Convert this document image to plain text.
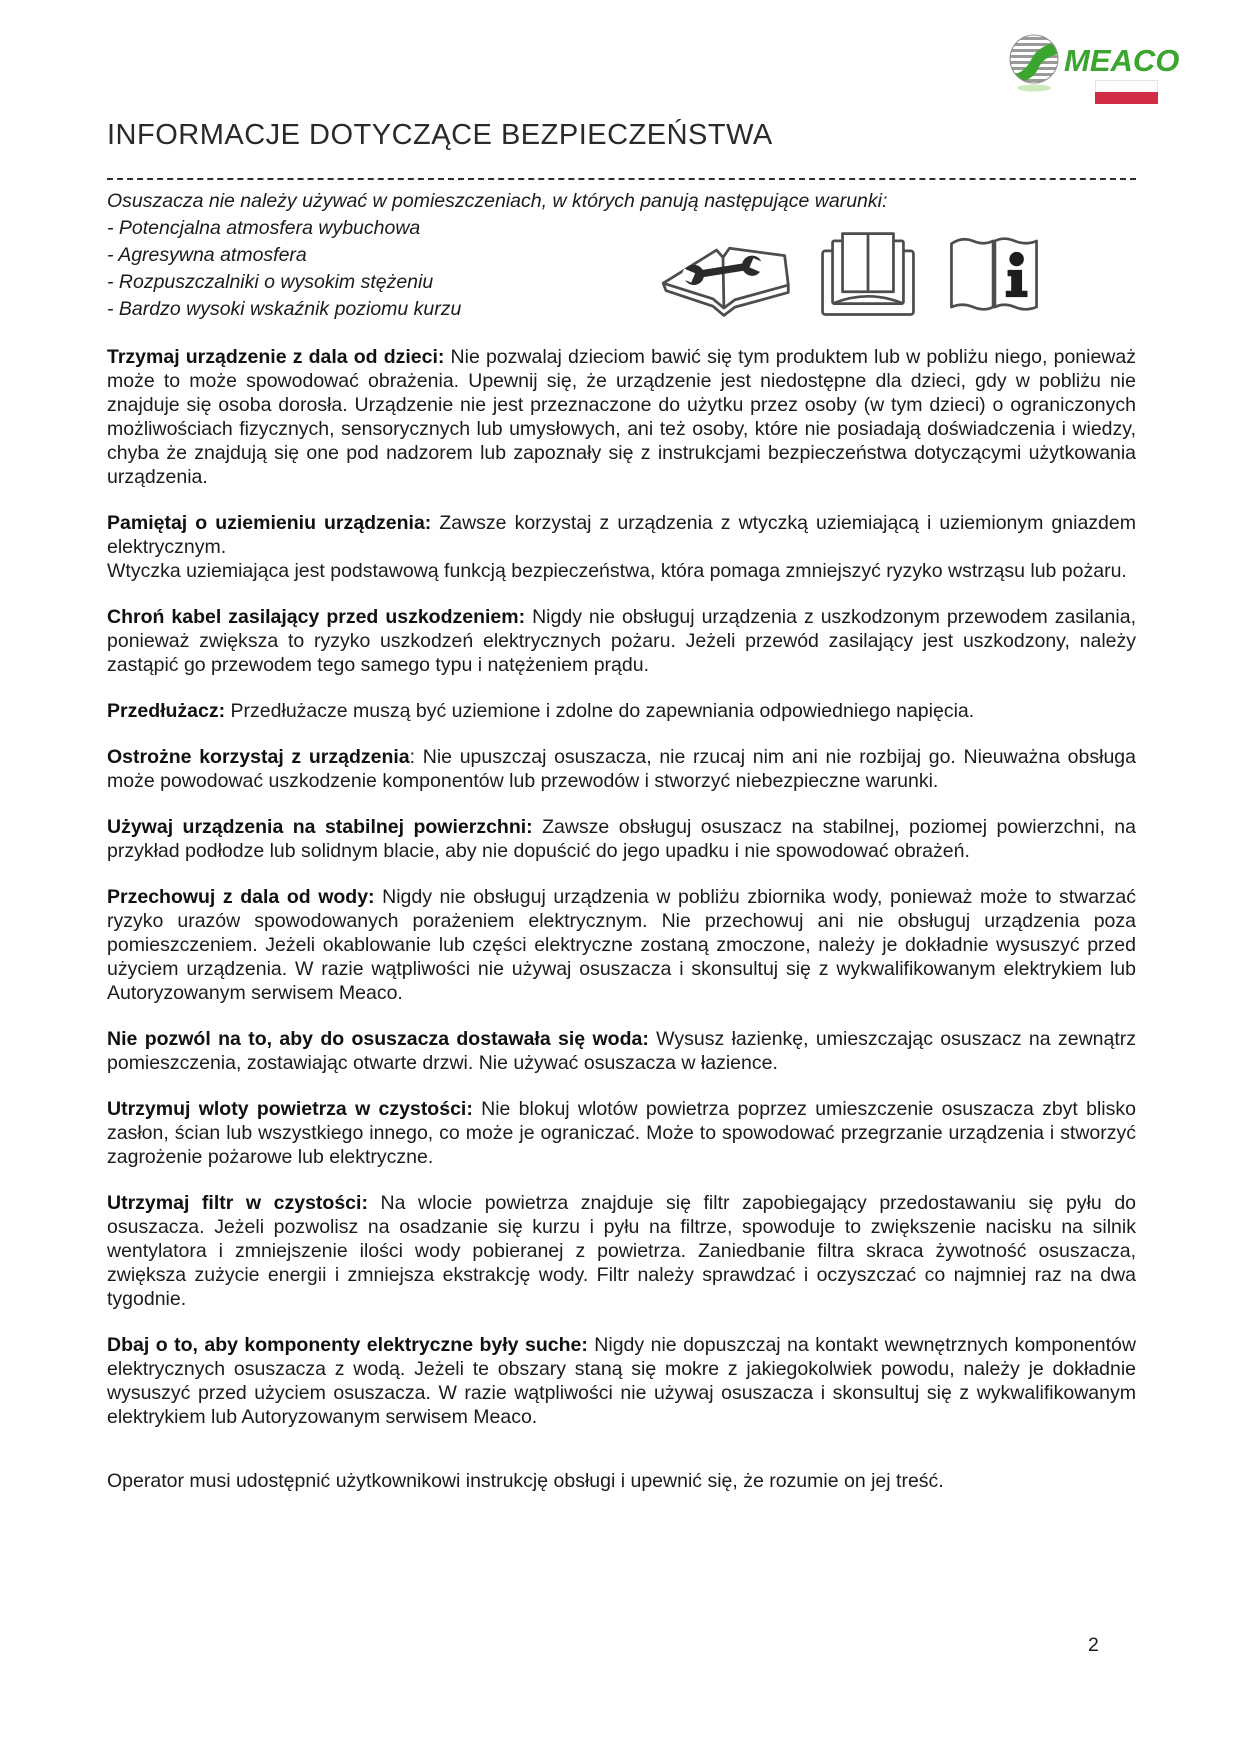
MEACO
INFORMACJE DOTYCZĄCE BEZPIECZEŃSTWA

Osuszacza nie należy używać w pomieszczeniach, w których panują następujące warunki:

- Potencjalna atmosfera wybuchowa

- Agresywna atmosfera

- Rozpuszczalniki o wysokim stężeniu

- Bardzo wysoki wskaźnik poziomu kurzu

Trzymaj urządzenie z dala od dzieci: Nie pozwalaj dzieciom bawić się tym produktem lub w pobliżu niego, ponieważ może to może spowodować obrażenia. Upewnij się, że urządzenie jest niedostępne dla dzieci, gdy w pobliżu nie znajduje się osoba dorosła. Urządzenie nie jest przeznaczone do użytku przez osoby (w tym dzieci) o ograniczonych możliwościach fizycznych, sensorycznych lub umysłowych, ani też osoby, które nie posiadają doświadczenia i wiedzy, chyba że znajdują się one pod nadzorem lub zapoznały się z instrukcjami bezpieczeństwa dotyczącymi użytkowania urządzenia.

Pamiętaj o uziemieniu urządzenia: Zawsze korzystaj z urządzenia z wtyczką uziemiającą i uziemionym gniazdem elektrycznym.
Wtyczka uziemiająca jest podstawową funkcją bezpieczeństwa, która pomaga zmniejszyć ryzyko wstrząsu lub pożaru.

Chroń kabel zasilający przed uszkodzeniem: Nigdy nie obsługuj urządzenia z uszkodzonym przewodem zasilania, ponieważ zwiększa to ryzyko uszkodzeń elektrycznych pożaru. Jeżeli przewód zasilający jest uszkodzony, należy zastąpić go przewodem tego samego typu i natężeniem prądu.

Przedłużacz: Przedłużacze muszą być uziemione i zdolne do zapewniania odpowiedniego napięcia.

Ostrożne korzystaj z urządzenia: Nie upuszczaj osuszacza, nie rzucaj nim ani nie rozbijaj go. Nieuważna obsługa może powodować uszkodzenie komponentów lub przewodów i stworzyć niebezpieczne warunki.

Używaj urządzenia na stabilnej powierzchni: Zawsze obsługuj osuszacz na stabilnej, poziomej powierzchni, na przykład podłodze lub solidnym blacie, aby nie dopuścić do jego upadku i nie spowodować obrażeń.

Przechowuj z dala od wody: Nigdy nie obsługuj urządzenia w pobliżu zbiornika wody, ponieważ może to stwarzać ryzyko urazów spowodowanych porażeniem elektrycznym. Nie przechowuj ani nie obsługuj urządzenia poza pomieszczeniem. Jeżeli okablowanie lub części elektryczne zostaną zmoczone, należy je dokładnie wysuszyć przed użyciem urządzenia. W razie wątpliwości nie używaj osuszacza i skonsultuj się z wykwalifikowanym elektrykiem lub Autoryzowanym serwisem Meaco.

Nie pozwól na to, aby do osuszacza dostawała się woda: Wysusz łazienkę, umieszczając osuszacz na zewnątrz pomieszczenia, zostawiając otwarte drzwi. Nie używać osuszacza w łazience.

Utrzymuj wloty powietrza w czystości: Nie blokuj wlotów powietrza poprzez umieszczenie osuszacza zbyt blisko zasłon, ścian lub wszystkiego innego, co może je ograniczać. Może to spowodować przegrzanie urządzenia i stworzyć zagrożenie pożarowe lub elektryczne.

Utrzymaj filtr w czystości: Na wlocie powietrza znajduje się filtr zapobiegający przedostawaniu się pyłu do osuszacza. Jeżeli pozwolisz na osadzanie się kurzu i pyłu na filtrze, spowoduje to zwiększenie nacisku na silnik wentylatora i zmniejszenie ilości wody pobieranej z powietrza. Zaniedbanie filtra skraca żywotność osuszacza, zwiększa zużycie energii i zmniejsza ekstrakcję wody. Filtr należy sprawdzać i oczyszczać co najmniej raz na dwa tygodnie.

Dbaj o to, aby komponenty elektryczne były suche: Nigdy nie dopuszczaj na kontakt wewnętrznych komponentów elektrycznych osuszacza z wodą. Jeżeli te obszary staną się mokre z jakiegokolwiek powodu, należy je dokładnie wysuszyć przed użyciem osuszacza. W razie wątpliwości nie używaj osuszacza i skonsultuj się z wykwalifikowanym elektrykiem lub Autoryzowanym serwisem Meaco.

Operator musi udostępnić użytkownikowi instrukcję obsługi i upewnić się, że rozumie on jej treść.

2
